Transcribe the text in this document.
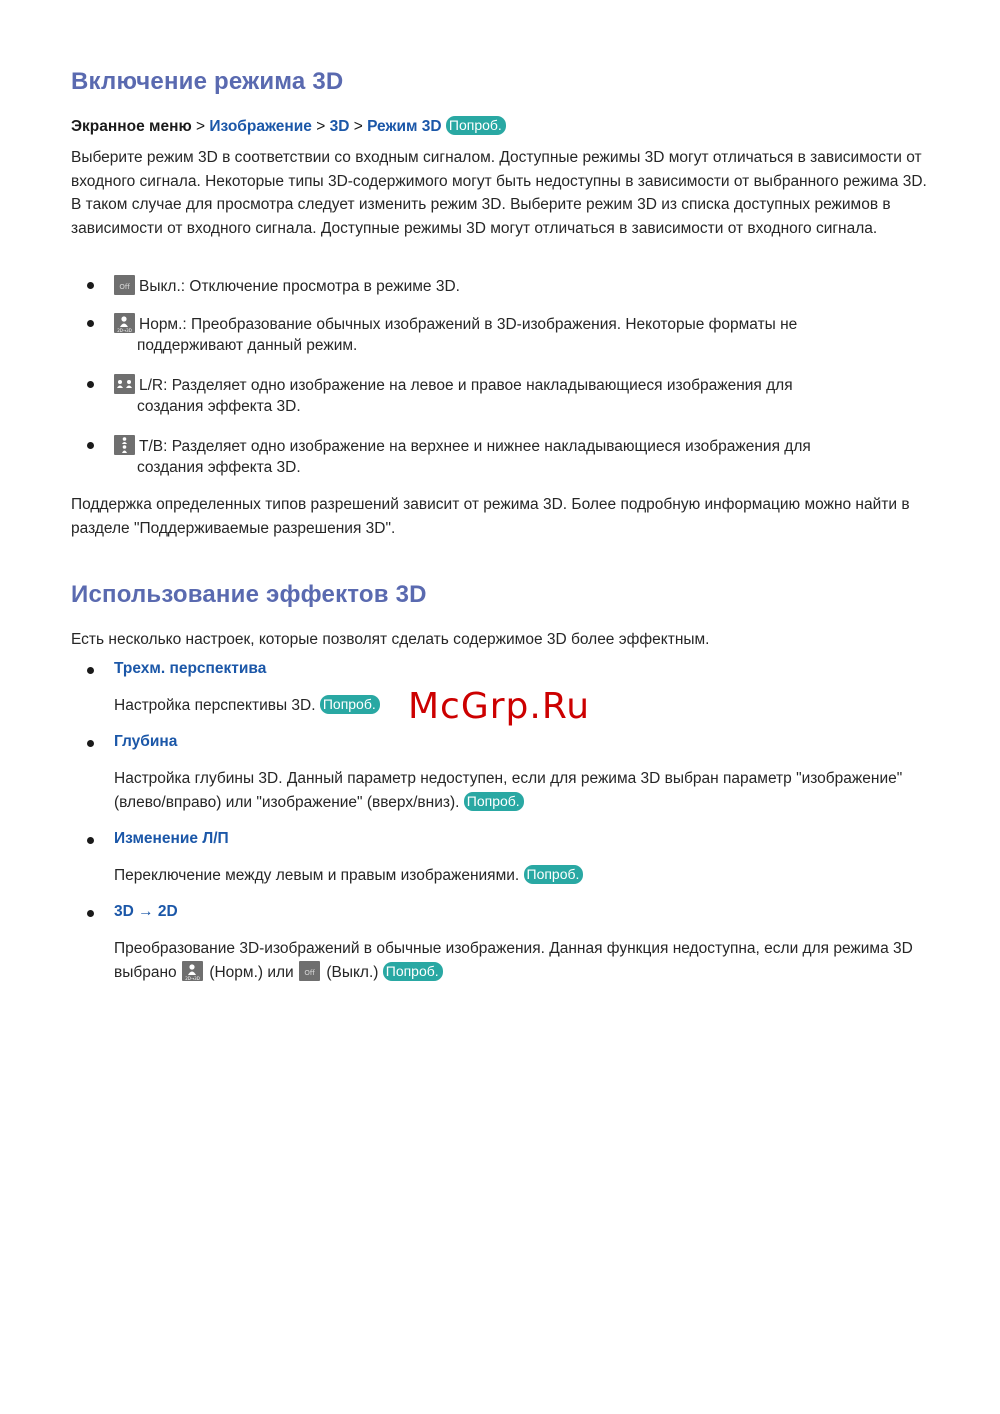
Включение режима 3D
Экранное меню > Изображение > 3D > Режим 3D Попроб.

Выберите режим 3D в соответствии со входным сигналом. Доступные режимы 3D могут отличаться в зависимости от входного сигнала. Некоторые типы 3D-содержимого могут быть недоступны в зависимости от выбранного режима 3D. В таком случае для просмотра следует изменить режим 3D. Выберите режим 3D из списка доступных режимов в зависимости от входного сигнала. Доступные режимы 3D могут отличаться в зависимости от входного сигнала.

Off Выкл.: Отключение просмотра в режиме 3D.
2D→3D Норм.: Преобразование обычных изображений в 3D-изображения. Некоторые форматы не
поддерживают данный режим.
L/R: Разделяет одно изображение на левое и правое накладывающиеся изображения для
создания эффекта 3D.
T/B: Разделяет одно изображение на верхнее и нижнее накладывающиеся изображения для
создания эффекта 3D.

Поддержка определенных типов разрешений зависит от режима 3D. Более подробную информацию можно найти в разделе "Поддерживаемые разрешения 3D".

Использование эффектов 3D

Есть несколько настроек, которые позволят сделать содержимое 3D более эффектным.

Трехм. перспектива
Настройка перспективы 3D. Попроб.
Глубина
Настройка глубины 3D. Данный параметр недоступен, если для режима 3D выбран параметр "изображение" (влево/вправо) или "изображение" (вверх/вниз). Попроб.
Изменение Л/П
Переключение между левым и правым изображениями. Попроб.
3D → 2D
Преобразование 3D-изображений в обычные изображения. Данная функция недоступна, если для режима 3D выбрано 2D→3D (Норм.) или Off (Выкл.) Попроб.
McGrp.Ru
